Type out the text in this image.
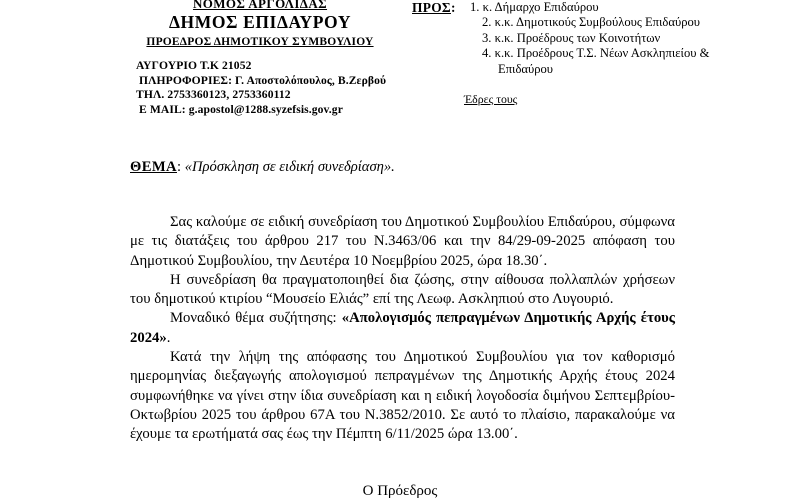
ΝΟΜΟΣ ΑΡΓΟΛΙΔΑΣ
ΔΗΜΟΣ ΕΠΙΔΑΥΡΟΥ
ΠΡΟΕΔΡΟΣ ΔΗΜΟΤΙΚΟΥ ΣΥΜΒΟΥΛΙΟΥ
ΑΥΓΟΥΡΙΟ Τ.Κ 21052
ΠΛΗΡΟΦΟΡΙΕΣ: Γ. Αποστολόπουλος, Β.Ζερβού
ΤΗΛ. 2753360123, 2753360112
E MAIL: g.apostol@1288.syzefsis.gov.gr
ΠΡΟΣ:	1. κ. Δήμαρχο Επιδαύρου
2. κ.κ. Δημοτικούς Συμβούλους Επιδαύρου
3. κ.κ. Προέδρους των Κοινοτήτων
4. κ.κ. Προέδρους Τ.Σ. Νέων Ασκληπιείου &
Επιδαύρου
Έδρες τους
ΘΕΜΑ: «Πρόσκληση σε ειδική συνεδρίαση».

Σας καλούμε σε ειδική συνεδρίαση του Δημοτικού Συμβουλίου Επιδαύρου, σύμφωνα με τις διατάξεις του άρθρου 217 του Ν.3463/06 και την 84/29-09-2025 απόφαση του Δημοτικού Συμβουλίου, την Δευτέρα 10 Νοεμβρίου 2025, ώρα 18.30΄.

Η συνεδρίαση θα πραγματοποιηθεί δια ζώσης, στην αίθουσα πολλαπλών χρήσεων του δημοτικού κτιρίου “Μουσείο Ελιάς” επί της Λεωφ. Ασκληπιού στο Λυγουριό.

Μοναδικό θέμα συζήτησης: «Απολογισμός πεπραγμένων Δημοτικής Αρχής έτους 2024».

Κατά την λήψη της απόφασης του Δημοτικού Συμβουλίου για τον καθορισμό ημερομηνίας διεξαγωγής απολογισμού πεπραγμένων της Δημοτικής Αρχής έτους 2024 συμφωνήθηκε να γίνει στην ίδια συνεδρίαση και η ειδική λογοδοσία διμήνου Σεπτεμβρίου-Οκτωβρίου 2025 του άρθρου 67Α του Ν.3852/2010. Σε αυτό το πλαίσιο, παρακαλούμε να έχουμε τα ερωτήματά σας έως την Πέμπτη 6/11/2025 ώρα 13.00΄.

Ο Πρόεδρος
